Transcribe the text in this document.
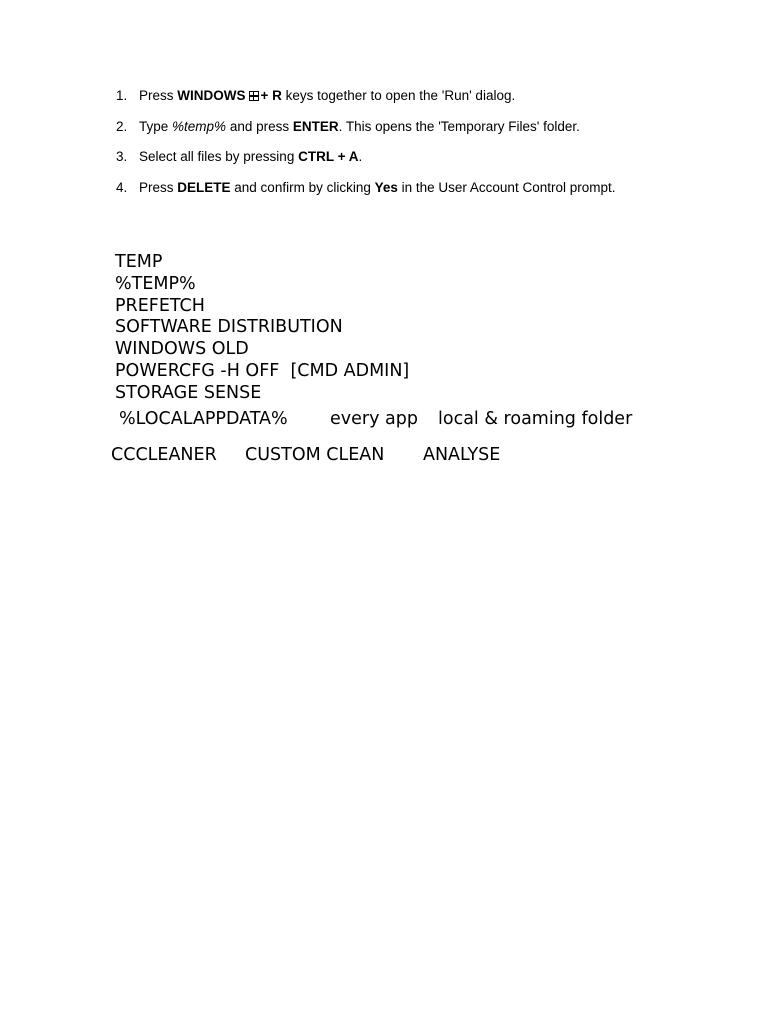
1. Press WINDOWS + R keys together to open the 'Run' dialog.
2. Type %temp% and press ENTER. This opens the 'Temporary Files' folder.
3. Select all files by pressing CTRL + A.
4. Press DELETE and confirm by clicking Yes in the User Account Control prompt.
TEMP
%TEMP%
PREFETCH
SOFTWARE DISTRIBUTION
WINDOWS OLD
POWERCFG -H OFF  [CMD ADMIN]
STORAGE SENSE
%LOCALAPPDATA% every app local & roaming folder
CCCLEANER CUSTOM CLEAN ANALYSE
